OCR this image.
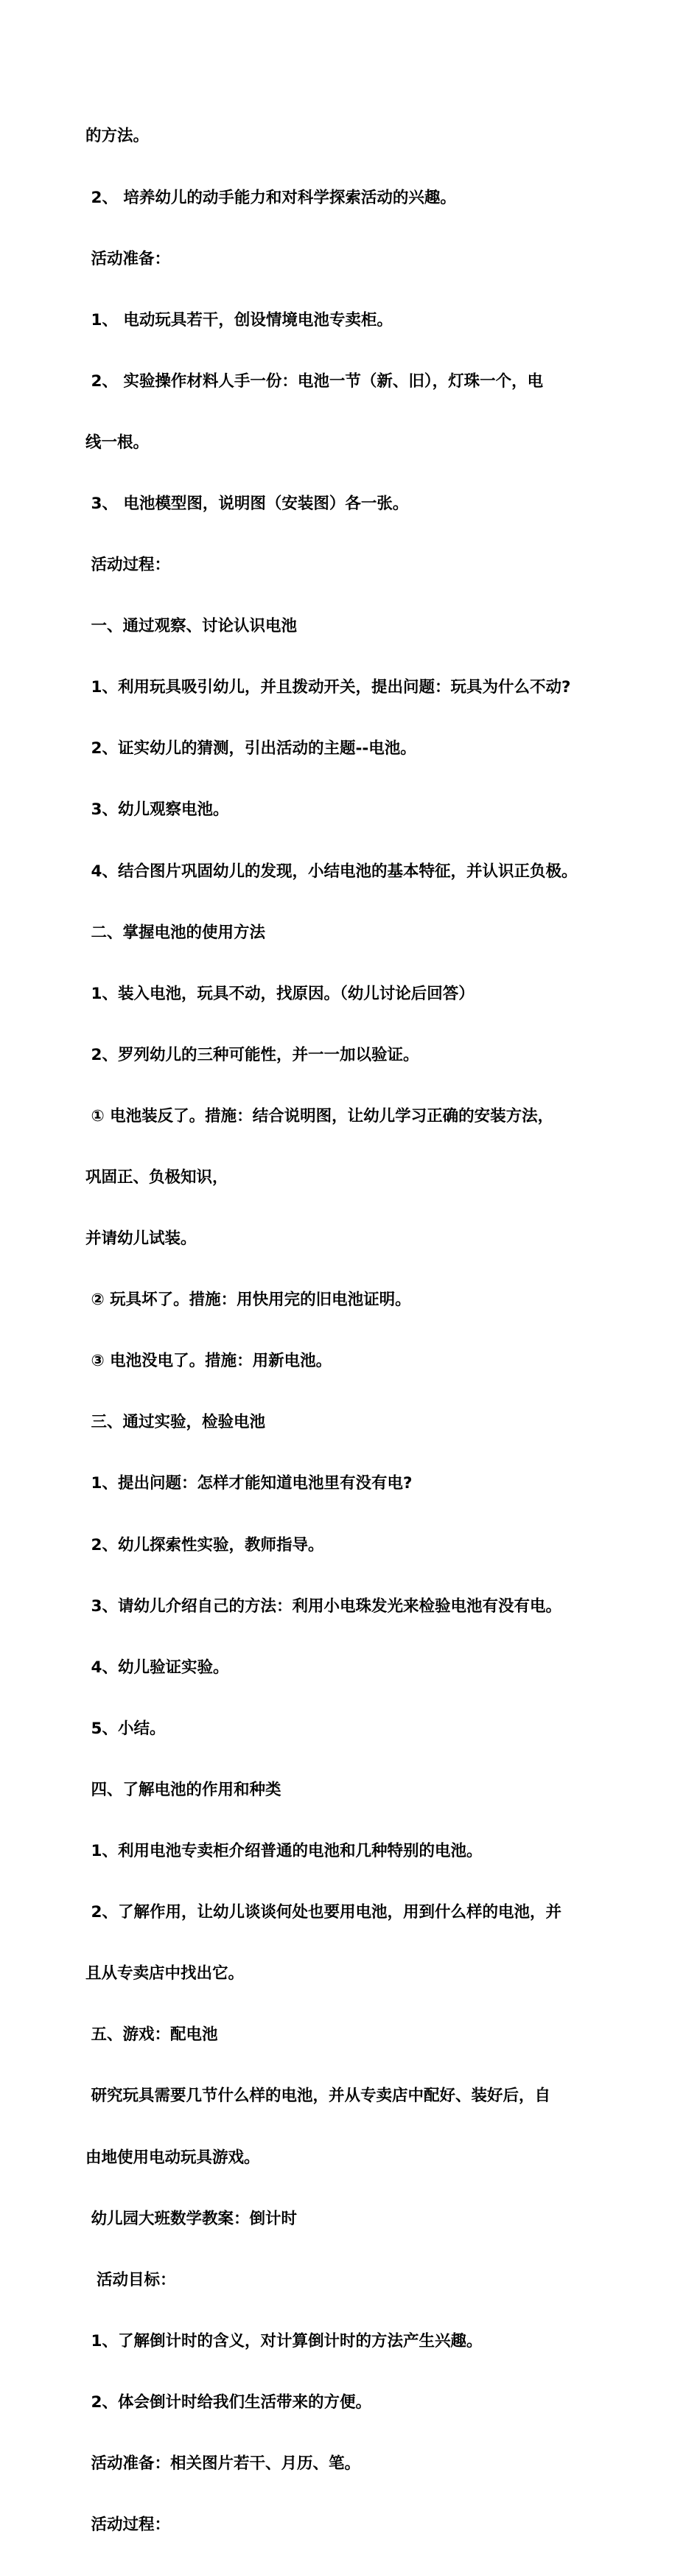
的方法。

2、 培养幼儿的动手能力和对科学探索活动的兴趣。

活动准备：

1、 电动玩具若干，创设情境电池专卖柜。

2、 实验操作材料人手一份：电池一节（新、旧），灯珠一个，电

线一根。

3、 电池模型图，说明图（安装图）各一张。

活动过程：

一、通过观察、讨论认识电池

1、利用玩具吸引幼儿，并且拨动开关，提出问题：玩具为什么不动?

2、证实幼儿的猜测，引出活动的主题--电池。

3、幼儿观察电池。

4、结合图片巩固幼儿的发现，小结电池的基本特征，并认识正负极。

二、掌握电池的使用方法

1、装入电池，玩具不动，找原因。（幼儿讨论后回答）

2、罗列幼儿的三种可能性，并一一加以验证。

① 电池装反了。措施：结合说明图，让幼儿学习正确的安装方法，

巩固正、负极知识，

并请幼儿试装。

② 玩具坏了。措施：用快用完的旧电池证明。

③ 电池没电了。措施：用新电池。

三、通过实验，检验电池

1、提出问题：怎样才能知道电池里有没有电?

2、幼儿探索性实验，教师指导。

3、请幼儿介绍自己的方法：利用小电珠发光来检验电池有没有电。

4、幼儿验证实验。

5、小结。

四、了解电池的作用和种类

1、利用电池专卖柜介绍普通的电池和几种特别的电池。

2、了解作用，让幼儿谈谈何处也要用电池，用到什么样的电池，并

且从专卖店中找出它。

五、游戏：配电池

研究玩具需要几节什么样的电池，并从专卖店中配好、装好后，自

由地使用电动玩具游戏。

幼儿园大班数学教案：倒计时

活动目标：

1、了解倒计时的含义，对计算倒计时的方法产生兴趣。

2、体会倒计时给我们生活带来的方便。

活动准备：相关图片若干、月历、笔。

活动过程：
